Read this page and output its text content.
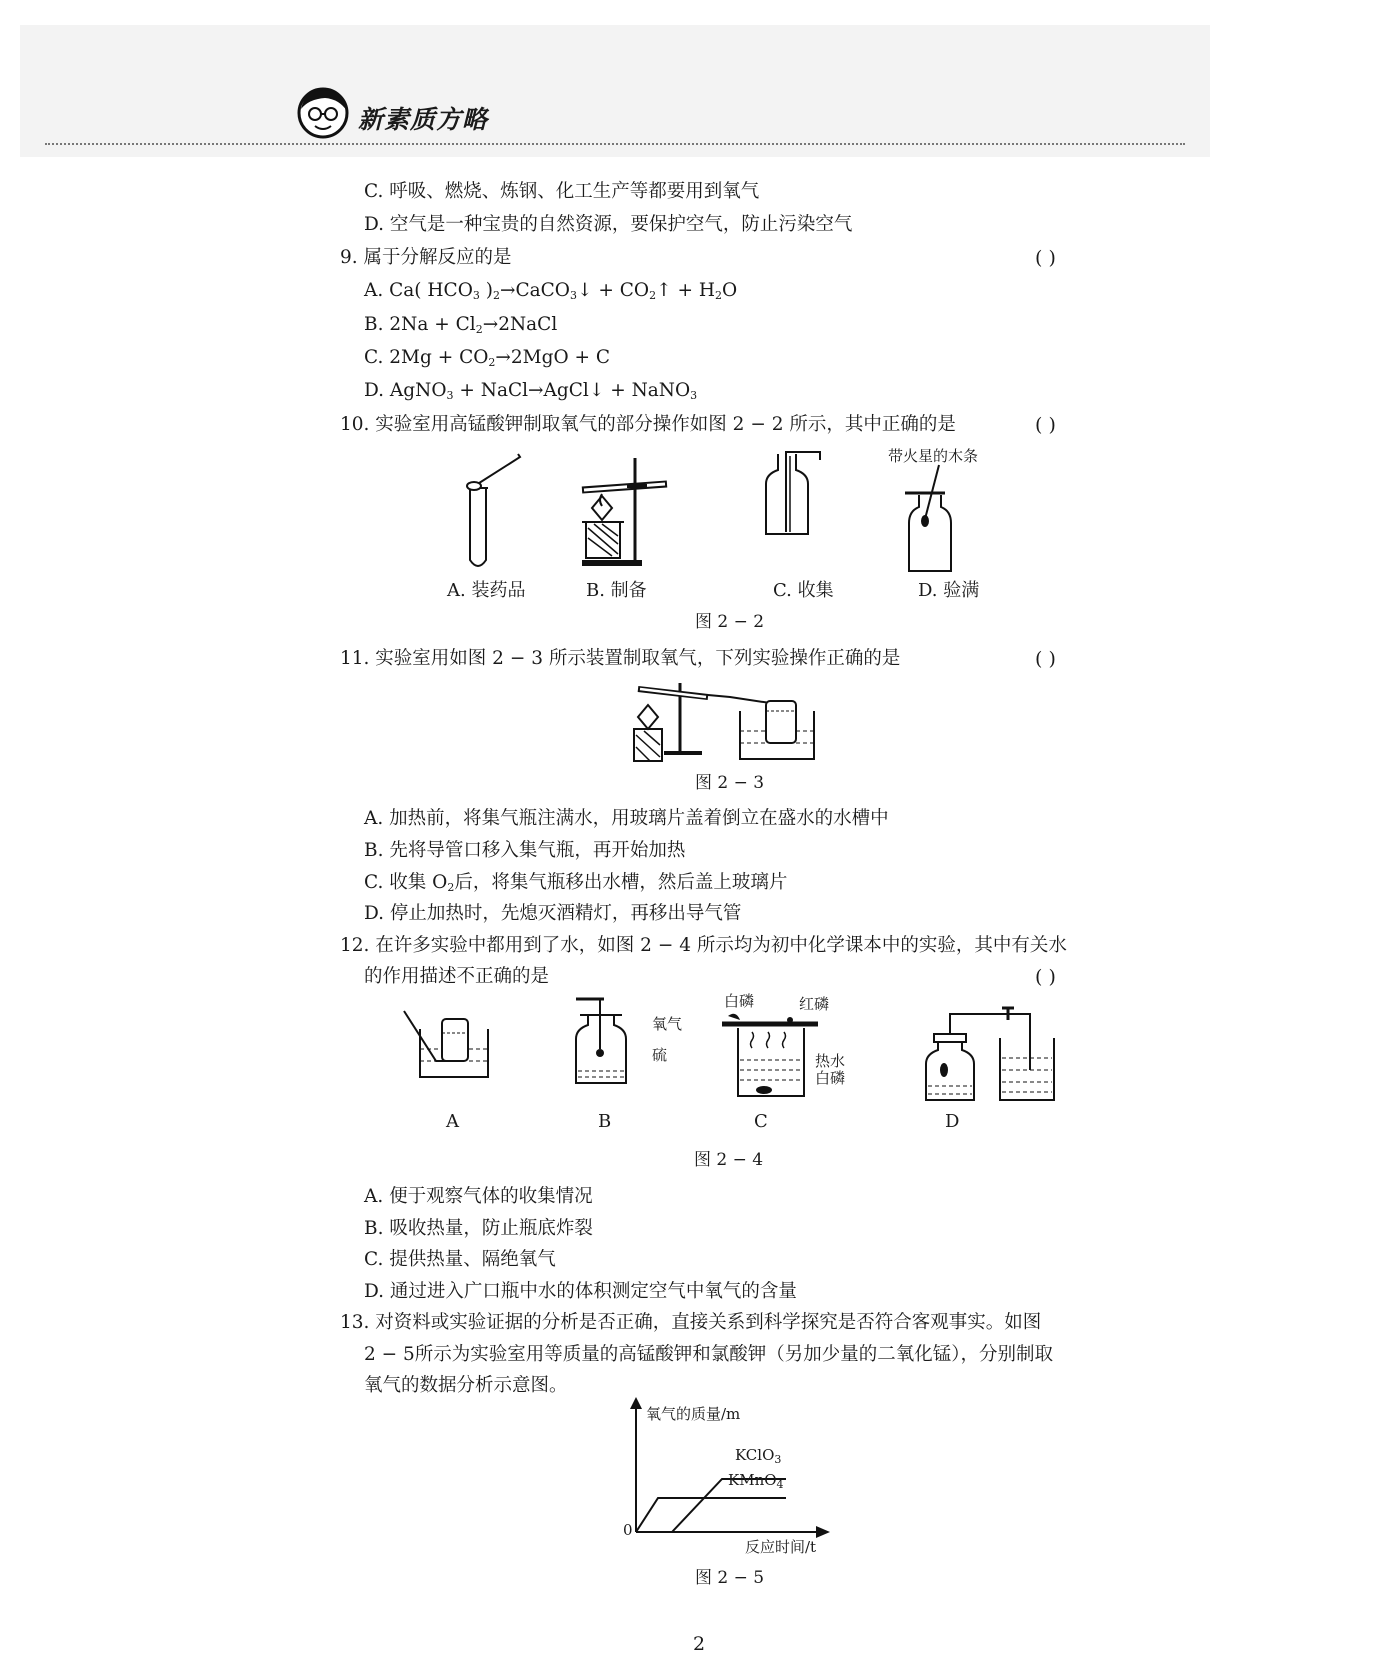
新素质方略
C. 呼吸、燃烧、炼钢、化工生产等都要用到氧气
D. 空气是一种宝贵的自然资源，要保护空气，防止污染空气
9. 属于分解反应的是	( )
A. Ca( $HCO_3$ )$_2\to CaCO_3↓$ + $CO_2↑ + H_2O$
B. $2Na + Cl_2\to 2NaCl$
C. $2Mg + CO_2\to 2MgO + C$
D. AgNO$_3$ + NaCl→AgCl↓ + NaNO$_3$
10. 实验室用高锰酸钾制取氧气的部分操作如图 2 − 2 所示，其中正确的是	( )
带火星的木条
A. 装药品	B. 制备	C. 收集	D. 验满
图 2 − 2
11. 实验室用如图 2 − 3 所示装置制取氧气，下列实验操作正确的是	( )
图 2 − 3
A. 加热前，将集气瓶注满水，用玻璃片盖着倒立在盛水的水槽中
B. 先将导管口移入集气瓶，再开始加热
C. 收集 $O_2$后，将集气瓶移出水槽，然后盖上玻璃片
D. 停止加热时，先熄灭酒精灯，再移出导气管
12. 在许多实验中都用到了水，如图 2 − 4 所示均为初中化学课本中的实验，其中有关水
的作用描述不正确的是	( )
氧气
硫
白磷	红磷
热水
白磷
A	B	C	D
图 2 − 4
A. 便于观察气体的收集情况
B. 吸收热量，防止瓶底炸裂
C. 提供热量、隔绝氧气
D. 通过进入广口瓶中水的体积测定空气中氧气的含量
13. 对资料或实验证据的分析是否正确，直接关系到科学探究是否符合客观事实。如图
2 − 5所示为实验室用等质量的高锰酸钾和氯酸钾（另加少量的二氧化锰），分别制取
氧气的数据分析示意图。
氧气的质量/m
反应时间/t
0
KClO$_3$
KMnO$_4$
图 2 − 5
2
